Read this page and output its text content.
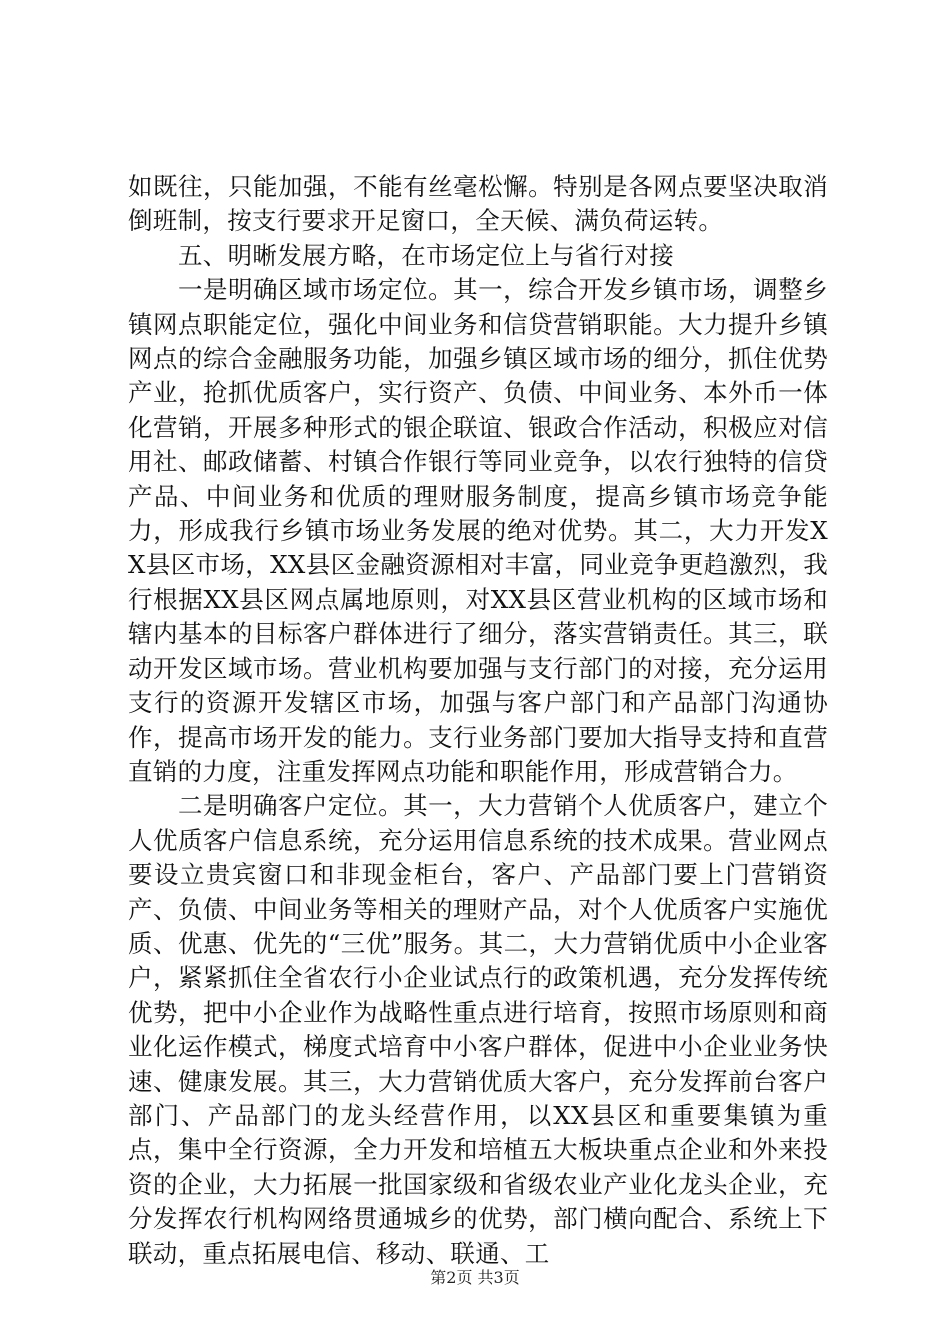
如既往，只能加强，不能有丝毫松懈。特别是各网点要坚决取消倒班制，按支行要求开足窗口，全天候、满负荷运转。

五、明晰发展方略，在市场定位上与省行对接

一是明确区域市场定位。其一，综合开发乡镇市场，调整乡镇网点职能定位，强化中间业务和信贷营销职能。大力提升乡镇网点的综合金融服务功能，加强乡镇区域市场的细分，抓住优势产业，抢抓优质客户，实行资产、负债、中间业务、本外币一体化营销，开展多种形式的银企联谊、银政合作活动，积极应对信用社、邮政储蓄、村镇合作银行等同业竞争，以农行独特的信贷产品、中间业务和优质的理财服务制度，提高乡镇市场竞争能力，形成我行乡镇市场业务发展的绝对优势。其二，大力开发XX县区市场，XX县区金融资源相对丰富，同业竞争更趋激烈，我行根据XX县区网点属地原则，对XX县区营业机构的区域市场和辖内基本的目标客户群体进行了细分，落实营销责任。其三，联动开发区域市场。营业机构要加强与支行部门的对接，充分运用支行的资源开发辖区市场，加强与客户部门和产品部门沟通协作，提高市场开发的能力。支行业务部门要加大指导支持和直营直销的力度，注重发挥网点功能和职能作用，形成营销合力。

二是明确客户定位。其一，大力营销个人优质客户，建立个人优质客户信息系统，充分运用信息系统的技术成果。营业网点要设立贵宾窗口和非现金柜台，客户、产品部门要上门营销资产、负债、中间业务等相关的理财产品，对个人优质客户实施优质、优惠、优先的“三优”服务。其二，大力营销优质中小企业客户，紧紧抓住全省农行小企业试点行的政策机遇，充分发挥传统优势，把中小企业作为战略性重点进行培育，按照市场原则和商业化运作模式，梯度式培育中小客户群体，促进中小企业业务快速、健康发展。其三，大力营销优质大客户，充分发挥前台客户部门、产品部门的龙头经营作用，以XX县区和重要集镇为重点，集中全行资源，全力开发和培植五大板块重点企业和外来投资的企业，大力拓展一批国家级和省级农业产业化龙头企业，充分发挥农行机构网络贯通城乡的优势，部门横向配合、系统上下联动，重点拓展电信、移动、联通、工

第2页 共3页
